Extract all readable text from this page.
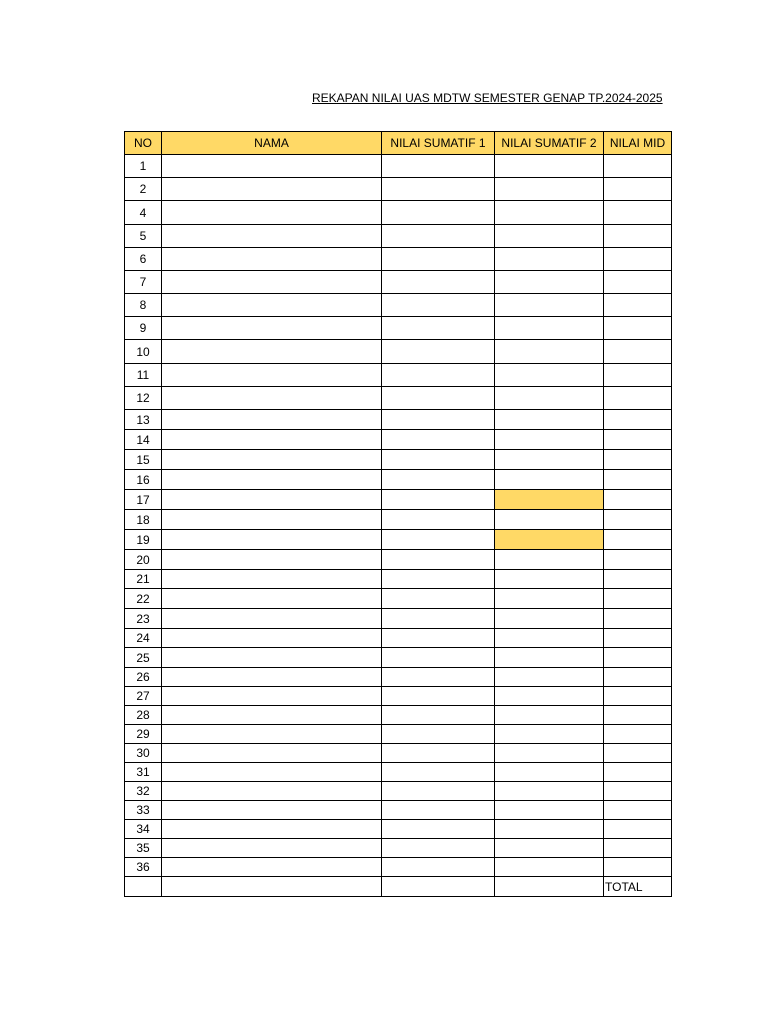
REKAPAN NILAI UAS MDTW SEMESTER GENAP TP.2024-2025
NO	NAMA	NILAI SUMATIF 1	NILAI SUMATIF 2	NILAI MID
1				
2				
4				
5				
6				
7				
8				
9				
10				
11				
12				
13				
14				
15				
16				
17				
18				
19				
20				
21				
22				
23				
24				
25				
26				
27				
28				
29				
30				
31				
32				
33				
34				
35				
36				
				TOTAL
